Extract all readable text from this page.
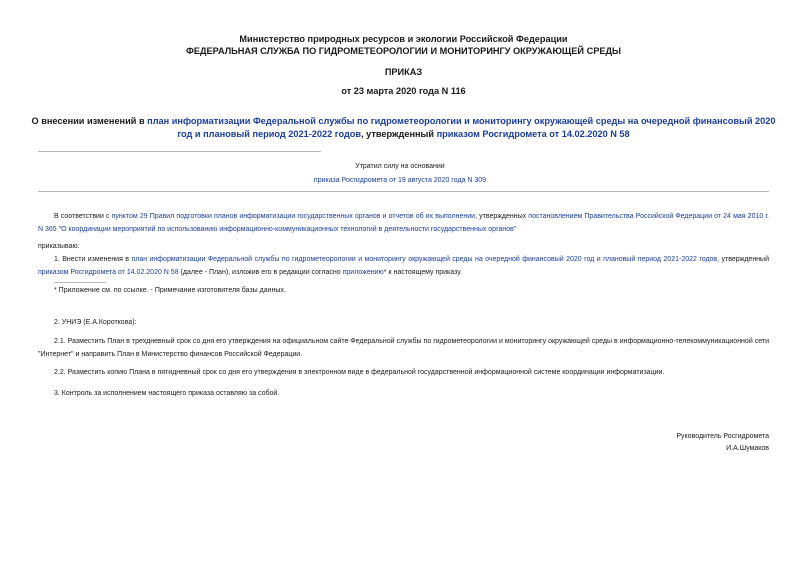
Министерство природных ресурсов и экологии Российской Федерации
ФЕДЕРАЛЬНАЯ СЛУЖБА ПО ГИДРОМЕТЕОРОЛОГИИ И МОНИТОРИНГУ ОКРУЖАЮЩЕЙ СРЕДЫ
ПРИКАЗ
от 23 марта 2020 года N 116
О внесении изменений в план информатизации Федеральной службы по гидрометеорологии и мониторингу окружающей среды на очередной финансовый 2020 год и плановый период 2021-2022 годов, утвержденный приказом Росгидромета от 14.02.2020 N 58
Утратил силу на основании
приказа Росгидромета от 19 августа 2020 года N 309
В соответствии с пунктом 29 Правил подготовки планов информатизации государственных органов и отчетов об их выполнении, утвержденных постановлением Правительства Российской Федерации от 24 мая 2010 г. N 365 "О координации мероприятий по использованию информационно-коммуникационных технологий в деятельности государственных органов"
приказываю:
1. Внести изменения в план информатизации Федеральной службы по гидрометеорологии и мониторингу окружающей среды на очередной финансовый 2020 год и плановый период 2021-2022 годов, утвержденный приказом Росгидромета от 14.02.2020 N 58 (далее - План), изложив его в редакции согласно приложению* к настоящему приказу.
* Приложение см. по ссылке. - Примечание изготовителя базы данных.
2. УНИЭ (Е.А.Короткова):
2.1. Разместить План в трехдневный срок со дня его утверждения на официальном сайте Федеральной службы по гидрометеорологии и мониторингу окружающей среды в информационно-телекоммуникационной сети "Интернет" и направить План в Министерство финансов Российской Федерации.
2.2. Разместить копию Плана в пятидневный срок со дня его утверждения в электронном виде в федеральной государственной информационной системе координации информатизации.
3. Контроль за исполнением настоящего приказа оставляю за собой.
Руководитель Росгидромета
И.А.Шумаков
